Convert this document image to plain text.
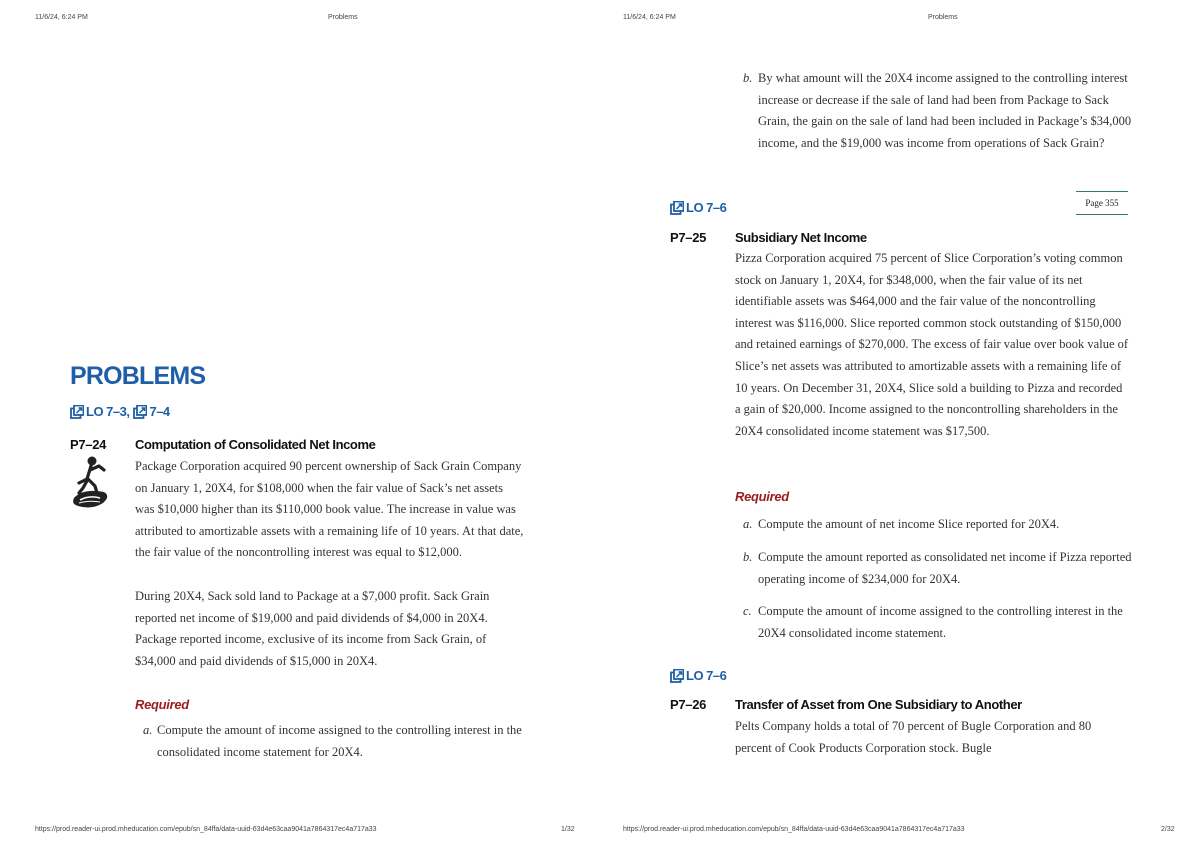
11/6/24, 6:24 PM	Problems
PROBLEMS
LO 7–3, 7–4
P7–24 Computation of Consolidated Net Income

Package Corporation acquired 90 percent ownership of Sack Grain Company on January 1, 20X4, for $108,000 when the fair value of Sack’s net assets was $10,000 higher than its $110,000 book value. The increase in value was attributed to amortizable assets with a remaining life of 10 years. At that date, the fair value of the noncontrolling interest was equal to $12,000.

During 20X4, Sack sold land to Package at a $7,000 profit. Sack Grain reported net income of $19,000 and paid dividends of $4,000 in 20X4. Package reported income, exclusive of its income from Sack Grain, of $34,000 and paid dividends of $15,000 in 20X4.

Required
a. Compute the amount of income assigned to the controlling interest in the consolidated income statement for 20X4.

https://prod.reader-ui.prod.mheducation.com/epub/sn_84ffa/data-uuid-63d4e63caa9041a7864317ec4a717a33	1/32
11/6/24, 6:24 PM	Problems
b. By what amount will the 20X4 income assigned to the controlling interest increase or decrease if the sale of land had been from Package to Sack Grain, the gain on the sale of land had been included in Package’s $34,000 income, and the $19,000 was income from operations of Sack Grain?

Page 355
LO 7–6
P7–25 Subsidiary Net Income

Pizza Corporation acquired 75 percent of Slice Corporation’s voting common stock on January 1, 20X4, for $348,000, when the fair value of its net identifiable assets was $464,000 and the fair value of the noncontrolling interest was $116,000. Slice reported common stock outstanding of $150,000 and retained earnings of $270,000. The excess of fair value over book value of Slice’s net assets was attributed to amortizable assets with a remaining life of 10 years. On December 31, 20X4, Slice sold a building to Pizza and recorded a gain of $20,000. Income assigned to the noncontrolling shareholders in the 20X4 consolidated income statement was $17,500.

Required
a. Compute the amount of net income Slice reported for 20X4.

b. Compute the amount reported as consolidated net income if Pizza reported operating income of $234,000 for 20X4.

c. Compute the amount of income assigned to the controlling interest in the 20X4 consolidated income statement.

LO 7–6
P7–26 Transfer of Asset from One Subsidiary to Another

Pelts Company holds a total of 70 percent of Bugle Corporation and 80 percent of Cook Products Corporation stock. Bugle

https://prod.reader-ui.prod.mheducation.com/epub/sn_84ffa/data-uuid-63d4e63caa9041a7864317ec4a717a33	2/32
